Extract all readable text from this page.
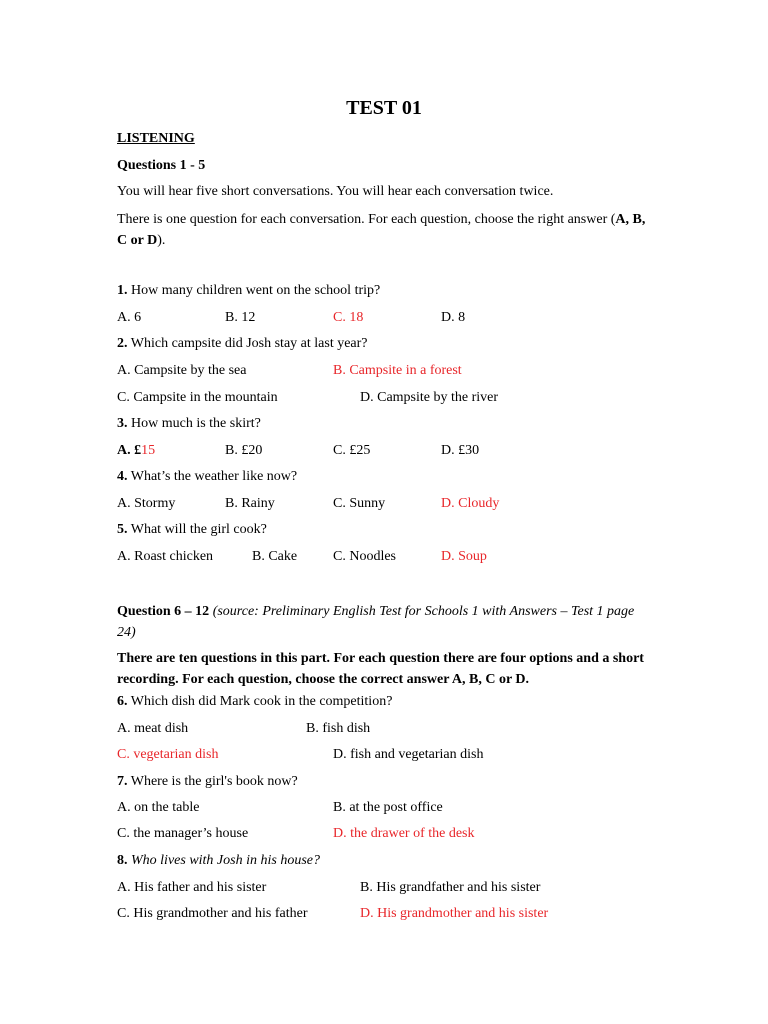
TEST 01
LISTENING
Questions 1 - 5
You will hear five short conversations. You will hear each conversation twice.
There is one question for each conversation. For each question, choose the right answer (A, B, C or D).
1. How many children went on the school trip?
A. 6	B. 12	C. 18	D. 8
2. Which campsite did Josh stay at last year?
A. Campsite by the sea	B. Campsite in a forest
C. Campsite in the mountain	D. Campsite by the river
3. How much is the skirt?
A. £15	B. £20	C. £25	D. £30
4. What’s the weather like now?
A. Stormy	B. Rainy	C. Sunny	D. Cloudy
5. What will the girl cook?
A. Roast chicken	B. Cake	C. Noodles	D. Soup
Question 6 – 12 (source: Preliminary English Test for Schools 1 with Answers – Test 1 page 24)
There are ten questions in this part. For each question there are four options and a short recording. For each question, choose the correct answer A, B, C or D.
6. Which dish did Mark cook in the competition?
A. meat dish	B. fish dish
C. vegetarian dish	D. fish and vegetarian dish
7. Where is the girl's book now?
A. on the table	B. at the post office
C. the manager’s house	D. the drawer of the desk
8. Who lives with Josh in his house?
A. His father and his sister	B. His grandfather and his sister
C. His grandmother and his father	D. His grandmother and his sister
